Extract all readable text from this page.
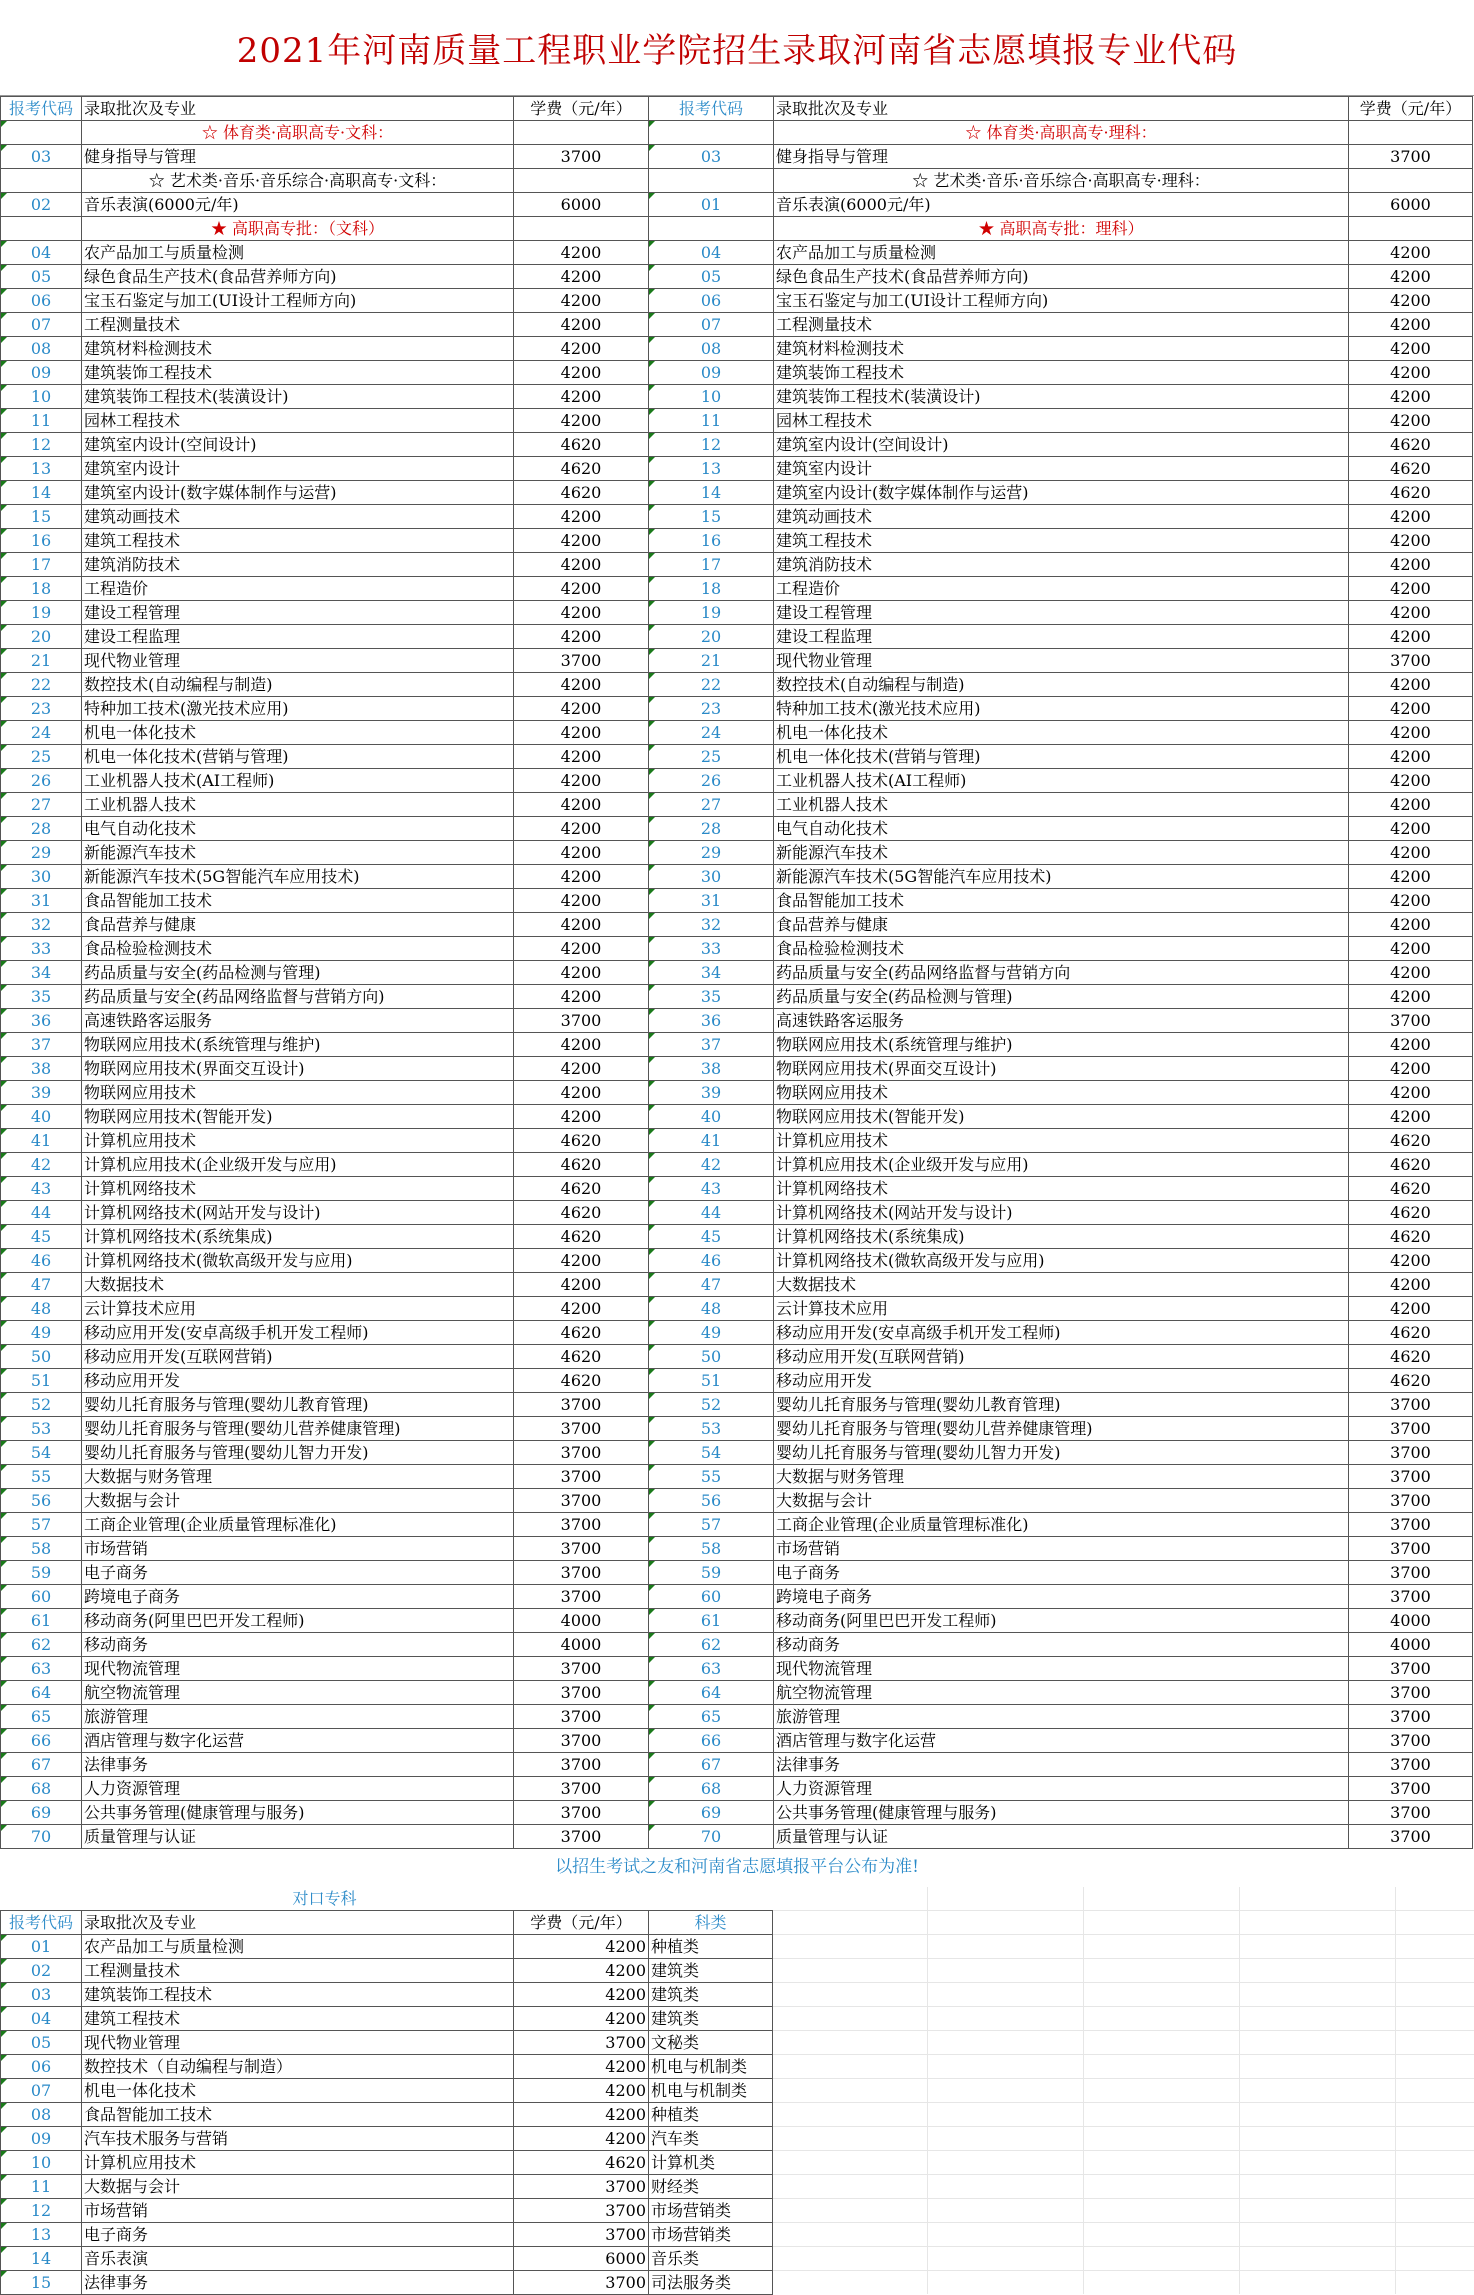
2021年河南质量工程职业学院招生录取河南省志愿填报专业代码
报考代码	录取批次及专业	学费（元/年）
	☆ 体育类·高职高专·文科：	
03	健身指导与管理	3700
	☆ 艺术类·音乐·音乐综合·高职高专·文科：	
02	音乐表演(6000元/年)	6000
	★ 高职高专批：（文科）	
04	农产品加工与质量检测	4200
05	绿色食品生产技术(食品营养师方向)	4200
06	宝玉石鉴定与加工(UI设计工程师方向)	4200
07	工程测量技术	4200
08	建筑材料检测技术	4200
09	建筑装饰工程技术	4200
10	建筑装饰工程技术(装潢设计)	4200
11	园林工程技术	4200
12	建筑室内设计(空间设计)	4620
13	建筑室内设计	4620
14	建筑室内设计(数字媒体制作与运营)	4620
15	建筑动画技术	4200
16	建筑工程技术	4200
17	建筑消防技术	4200
18	工程造价	4200
19	建设工程管理	4200
20	建设工程监理	4200
21	现代物业管理	3700
22	数控技术(自动编程与制造)	4200
23	特种加工技术(激光技术应用)	4200
24	机电一体化技术	4200
25	机电一体化技术(营销与管理)	4200
26	工业机器人技术(AI工程师)	4200
27	工业机器人技术	4200
28	电气自动化技术	4200
29	新能源汽车技术	4200
30	新能源汽车技术(5G智能汽车应用技术)	4200
31	食品智能加工技术	4200
32	食品营养与健康	4200
33	食品检验检测技术	4200
34	药品质量与安全(药品检测与管理)	4200
35	药品质量与安全(药品网络监督与营销方向)	4200
36	高速铁路客运服务	3700
37	物联网应用技术(系统管理与维护)	4200
38	物联网应用技术(界面交互设计)	4200
39	物联网应用技术	4200
40	物联网应用技术(智能开发)	4200
41	计算机应用技术	4620
42	计算机应用技术(企业级开发与应用)	4620
43	计算机网络技术	4620
44	计算机网络技术(网站开发与设计)	4620
45	计算机网络技术(系统集成)	4620
46	计算机网络技术(微软高级开发与应用)	4200
47	大数据技术	4200
48	云计算技术应用	4200
49	移动应用开发(安卓高级手机开发工程师)	4620
50	移动应用开发(互联网营销)	4620
51	移动应用开发	4620
52	婴幼儿托育服务与管理(婴幼儿教育管理)	3700
53	婴幼儿托育服务与管理(婴幼儿营养健康管理)	3700
54	婴幼儿托育服务与管理(婴幼儿智力开发)	3700
55	大数据与财务管理	3700
56	大数据与会计	3700
57	工商企业管理(企业质量管理标准化)	3700
58	市场营销	3700
59	电子商务	3700
60	跨境电子商务	3700
61	移动商务(阿里巴巴开发工程师)	4000
62	移动商务	4000
63	现代物流管理	3700
64	航空物流管理	3700
65	旅游管理	3700
66	酒店管理与数字化运营	3700
67	法律事务	3700
68	人力资源管理	3700
69	公共事务管理(健康管理与服务)	3700
70	质量管理与认证	3700
报考代码	录取批次及专业	学费（元/年）
	☆ 体育类·高职高专·理科：	
03	健身指导与管理	3700
	☆ 艺术类·音乐·音乐综合·高职高专·理科：	
01	音乐表演(6000元/年)	6000
	★ 高职高专批：理科）	
04	农产品加工与质量检测	4200
05	绿色食品生产技术(食品营养师方向)	4200
06	宝玉石鉴定与加工(UI设计工程师方向)	4200
07	工程测量技术	4200
08	建筑材料检测技术	4200
09	建筑装饰工程技术	4200
10	建筑装饰工程技术(装潢设计)	4200
11	园林工程技术	4200
12	建筑室内设计(空间设计)	4620
13	建筑室内设计	4620
14	建筑室内设计(数字媒体制作与运营)	4620
15	建筑动画技术	4200
16	建筑工程技术	4200
17	建筑消防技术	4200
18	工程造价	4200
19	建设工程管理	4200
20	建设工程监理	4200
21	现代物业管理	3700
22	数控技术(自动编程与制造)	4200
23	特种加工技术(激光技术应用)	4200
24	机电一体化技术	4200
25	机电一体化技术(营销与管理)	4200
26	工业机器人技术(AI工程师)	4200
27	工业机器人技术	4200
28	电气自动化技术	4200
29	新能源汽车技术	4200
30	新能源汽车技术(5G智能汽车应用技术)	4200
31	食品智能加工技术	4200
32	食品营养与健康	4200
33	食品检验检测技术	4200
34	药品质量与安全(药品网络监督与营销方向	4200
35	药品质量与安全(药品检测与管理)	4200
36	高速铁路客运服务	3700
37	物联网应用技术(系统管理与维护)	4200
38	物联网应用技术(界面交互设计)	4200
39	物联网应用技术	4200
40	物联网应用技术(智能开发)	4200
41	计算机应用技术	4620
42	计算机应用技术(企业级开发与应用)	4620
43	计算机网络技术	4620
44	计算机网络技术(网站开发与设计)	4620
45	计算机网络技术(系统集成)	4620
46	计算机网络技术(微软高级开发与应用)	4200
47	大数据技术	4200
48	云计算技术应用	4200
49	移动应用开发(安卓高级手机开发工程师)	4620
50	移动应用开发(互联网营销)	4620
51	移动应用开发	4620
52	婴幼儿托育服务与管理(婴幼儿教育管理)	3700
53	婴幼儿托育服务与管理(婴幼儿营养健康管理)	3700
54	婴幼儿托育服务与管理(婴幼儿智力开发)	3700
55	大数据与财务管理	3700
56	大数据与会计	3700
57	工商企业管理(企业质量管理标准化)	3700
58	市场营销	3700
59	电子商务	3700
60	跨境电子商务	3700
61	移动商务(阿里巴巴开发工程师)	4000
62	移动商务	4000
63	现代物流管理	3700
64	航空物流管理	3700
65	旅游管理	3700
66	酒店管理与数字化运营	3700
67	法律事务	3700
68	人力资源管理	3700
69	公共事务管理(健康管理与服务)	3700
70	质量管理与认证	3700
以招生考试之友和河南省志愿填报平台公布为准!
对口专科			
报考代码	录取批次及专业	学费（元/年）	科类
01	农产品加工与质量检测	4200	种植类
02	工程测量技术	4200	建筑类
03	建筑装饰工程技术	4200	建筑类
04	建筑工程技术	4200	建筑类
05	现代物业管理	3700	文秘类
06	数控技术（自动编程与制造）	4200	机电与机制类
07	机电一体化技术	4200	机电与机制类
08	食品智能加工技术	4200	种植类
09	汽车技术服务与营销	4200	汽车类
10	计算机应用技术	4620	计算机类
11	大数据与会计	3700	财经类
12	市场营销	3700	市场营销类
13	电子商务	3700	市场营销类
14	音乐表演	6000	音乐类
15	法律事务	3700	司法服务类
